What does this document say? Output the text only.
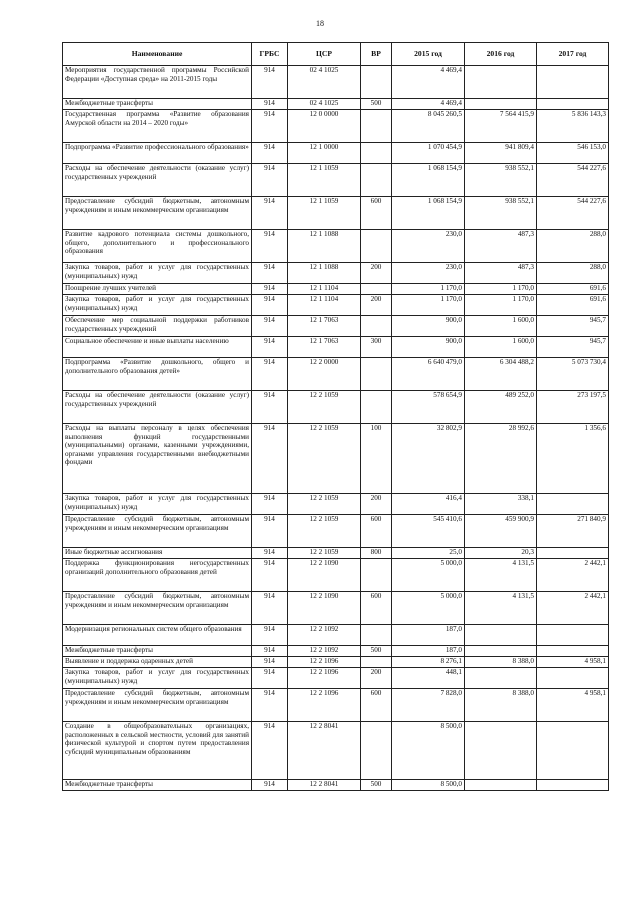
18
Наименование	ГРБС	ЦСР	ВР	2015 год	2016 год	2017 год
Мероприятия государственной программы Российской Федерации «Доступная среда» на 2011-2015 годы	914	02 4 1025		4 469,4		
Межбюджетные трансферты	914	02 4 1025	500	4 469,4		
Государственная программа «Развитие образования Амурской области на 2014 – 2020 годы»	914	12 0 0000		8 045 260,5	7 564 415,9	5 836 143,3
Подпрограмма «Развитие профессионального образования»	914	12 1 0000		1 070 454,9	941 809,4	546 153,0
Расходы на обеспечение деятельности (оказание услуг) государственных учреждений	914	12 1 1059		1 068 154,9	938 552,1	544 227,6
Предоставление субсидий бюджетным, автономным учреждениям и иным некоммерческим организациям	914	12 1 1059	600	1 068 154,9	938 552,1	544 227,6
Развитие кадрового потенциала системы дошкольного, общего, дополнительного и профессионального образования	914	12 1 1088		230,0	487,3	288,0
Закупка товаров, работ и услуг для государственных (муниципальных) нужд	914	12 1 1088	200	230,0	487,3	288,0
Поощрение лучших учителей	914	12 1 1104		1 170,0	1 170,0	691,6
Закупка товаров, работ и услуг для государственных (муниципальных) нужд	914	12 1 1104	200	1 170,0	1 170,0	691,6
Обеспечение мер социальной поддержки работников государственных учреждений	914	12 1 7063		900,0	1 600,0	945,7
Социальное обеспечение и иные выплаты населению	914	12 1 7063	300	900,0	1 600,0	945,7
Подпрограмма «Развитие дошкольного, общего и дополнительного образования детей»	914	12 2 0000		6 640 479,0	6 304 488,2	5 073 730,4
Расходы на обеспечение деятельности (оказание услуг) государственных учреждений	914	12 2 1059		578 654,9	489 252,0	273 197,5
Расходы на выплаты персоналу в целях обеспечения выполнения функций государственными (муниципальными) органами, казенными учреждениями, органами управления государственными внебюджетными фондами	914	12 2 1059	100	32 802,9	28 992,6	1 356,6
Закупка товаров, работ и услуг для государственных (муниципальных) нужд	914	12 2 1059	200	416,4	338,1	
Предоставление субсидий бюджетным, автономным учреждениям и иным некоммерческим организациям	914	12 2 1059	600	545 410,6	459 900,9	271 840,9
Иные бюджетные ассигнования	914	12 2 1059	800	25,0	20,3	
Поддержка функционирования негосударственных организаций дополнительного образования детей	914	12 2 1090		5 000,0	4 131,5	2 442,1
Предоставление субсидий бюджетным, автономным учреждениям и иным некоммерческим организациям	914	12 2 1090	600	5 000,0	4 131,5	2 442,1
Модернизация региональных систем общего образования	914	12 2 1092		187,0		
Межбюджетные трансферты	914	12 2 1092	500	187,0		
Выявление и поддержка одаренных детей	914	12 2 1096		8 276,1	8 388,0	4 958,1
Закупка товаров, работ и услуг для государственных (муниципальных) нужд	914	12 2 1096	200	448,1		
Предоставление субсидий бюджетным, автономным учреждениям и иным некоммерческим организациям	914	12 2 1096	600	7 828,0	8 388,0	4 958,1
Создание в общеобразовательных организациях, расположенных в сельской местности, условий для занятий физической культурой и спортом путем предоставления субсидий муниципальным образованиям	914	12 2 8041		8 500,0		
Межбюджетные трансферты	914	12 2 8041	500	8 500,0		
